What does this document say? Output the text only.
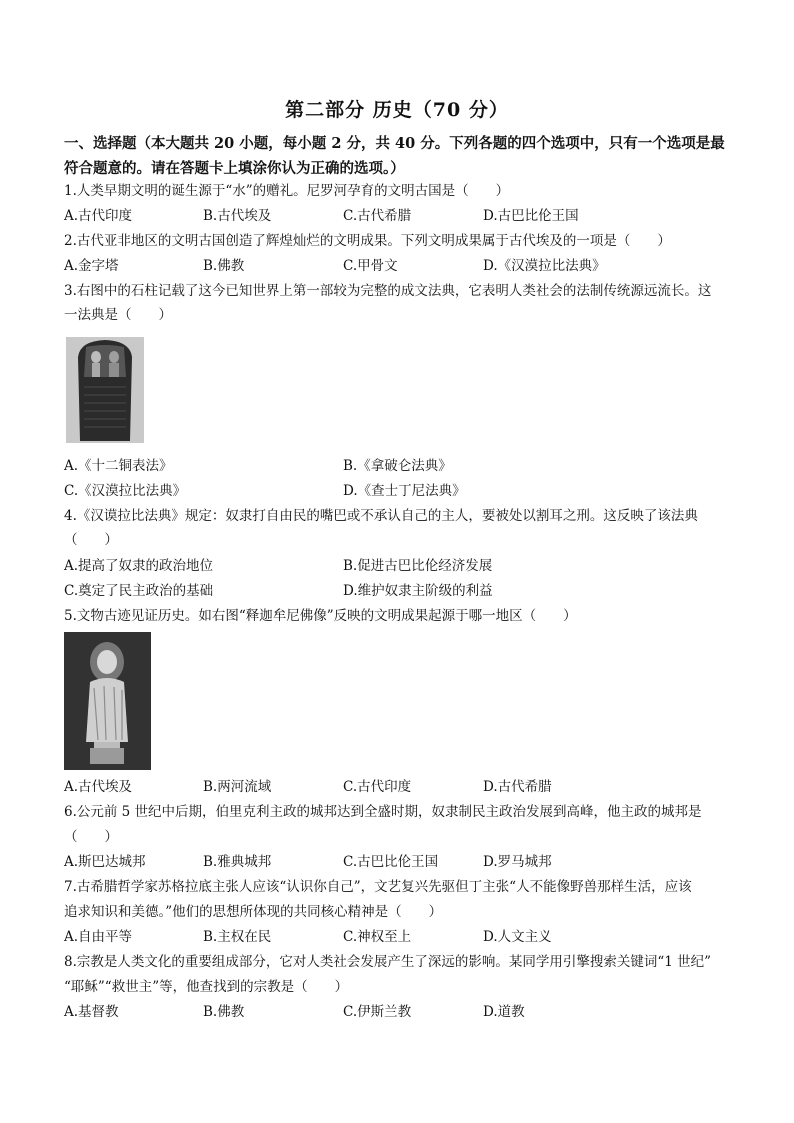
第二部分 历史（70 分）
一、选择题（本大题共 20 小题，每小题 2 分，共 40 分。下列各题的四个选项中，只有一个选项是最符合题意的。请在答题卡上填涂你认为正确的选项。）
1.人类早期文明的诞生源于“水”的赠礼。尼罗河孕育的文明古国是（　　）
A.古代印度	B.古代埃及	C.古代希腊	D.古巴比伦王国
2.古代亚非地区的文明古国创造了辉煌灿烂的文明成果。下列文明成果属于古代埃及的一项是（　　）
A.金字塔	B.佛教	C.甲骨文	D.《汉漠拉比法典》
3.右图中的石柱记载了这今已知世界上第一部较为完整的成文法典，它表明人类社会的法制传统源远流长。这
一法典是（　　）
A.《十二铜表法》	B.《拿破仑法典》
C.《汉漠拉比法典》	D.《查士丁尼法典》
4.《汉谟拉比法典》规定：奴隶打自由民的嘴巴或不承认自己的主人，要被处以割耳之刑。这反映了该法典
（　　）
A.提高了奴隶的政治地位	B.促进古巴比伦经济发展
C.奠定了民主政治的基础	D.维护奴隶主阶级的利益
5.文物古迹见证历史。如右图“释迦牟尼佛像”反映的文明成果起源于哪一地区（　　）
A.古代埃及	B.两河流域	C.古代印度	D.古代希腊
6.公元前 5 世纪中后期，伯里克利主政的城邦达到全盛时期，奴隶制民主政治发展到高峰，他主政的城邦是
（　　）
A.斯巴达城邦	B.雅典城邦	C.古巴比伦王国	D.罗马城邦
7.古希腊哲学家苏格拉底主张人应该“认识你自己”，文艺复兴先驱但丁主张“人不能像野兽那样生活，应该
追求知识和美德。”他们的思想所体现的共同核心精神是（　　）
A.自由平等	B.主权在民	C.神权至上	D.人文主义
8.宗教是人类文化的重要组成部分，它对人类社会发展产生了深远的影响。某同学用引擎搜索关键词“1 世纪”
“耶稣”“救世主”等，他查找到的宗教是（　　）
A.基督教	B.佛教	C.伊斯兰教	D.道教
